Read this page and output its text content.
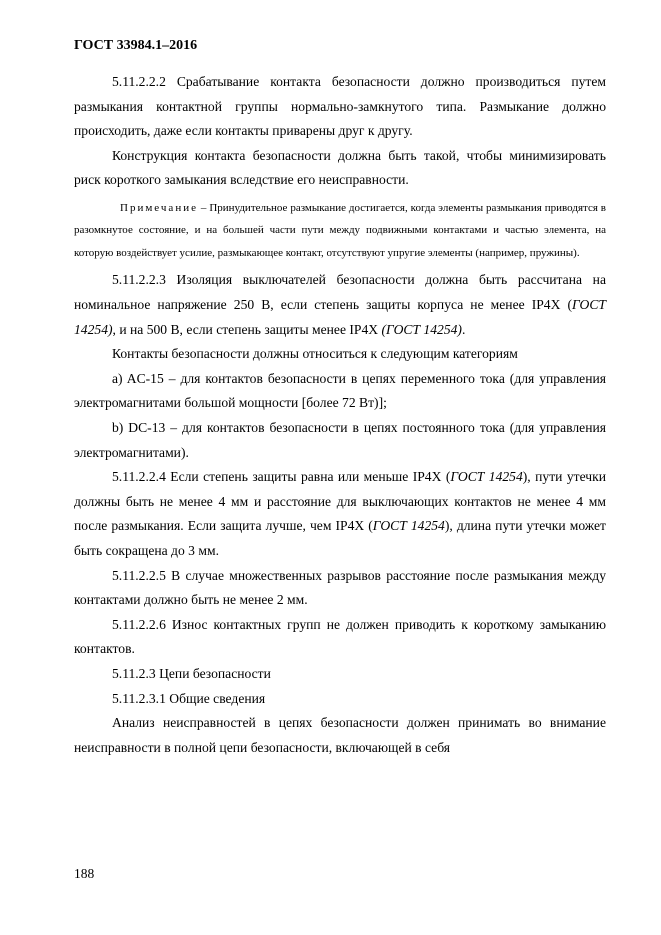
ГОСТ 33984.1–2016

5.11.2.2.2 Срабатывание контакта безопасности должно производиться путем размыкания контактной группы нормально-замкнутого типа. Размыкание должно происходить, даже если контакты приварены друг к другу.

Конструкция контакта безопасности должна быть такой, чтобы минимизировать риск короткого замыкания вследствие его неисправности.

Примечание – Принудительное размыкание достигается, когда элементы размыкания приводятся в разомкнутое состояние, и на большей части пути между подвижными контактами и частью элемента, на которую воздействует усилие, размыкающее контакт, отсутствуют упругие элементы (например, пружины).

5.11.2.2.3 Изоляция выключателей безопасности должна быть рассчитана на номинальное напряжение 250 В, если степень защиты корпуса не менее IP4X (ГОСТ 14254), и на 500 В, если степень защиты менее IP4X (ГОСТ 14254).

Контакты безопасности должны относиться к следующим категориям

a) AC-15 – для контактов безопасности в цепях переменного тока (для управления электромагнитами большой мощности [более 72 Вт)];

b) DC-13 – для контактов безопасности в цепях постоянного тока (для управления электромагнитами).

5.11.2.2.4 Если степень защиты равна или меньше IP4X (ГОСТ 14254), пути утечки должны быть не менее 4 мм и расстояние для выключающих контактов не менее 4 мм после размыкания. Если защита лучше, чем IP4X (ГОСТ 14254), длина пути утечки может быть сокращена до 3 мм.

5.11.2.2.5 В случае множественных разрывов расстояние после размыкания между контактами должно быть не менее 2 мм.

5.11.2.2.6 Износ контактных групп не должен приводить к короткому замыканию контактов.

5.11.2.3 Цепи безопасности

5.11.2.3.1 Общие сведения

Анализ неисправностей в цепях безопасности должен принимать во внимание неисправности в полной цепи безопасности, включающей в себя

188
